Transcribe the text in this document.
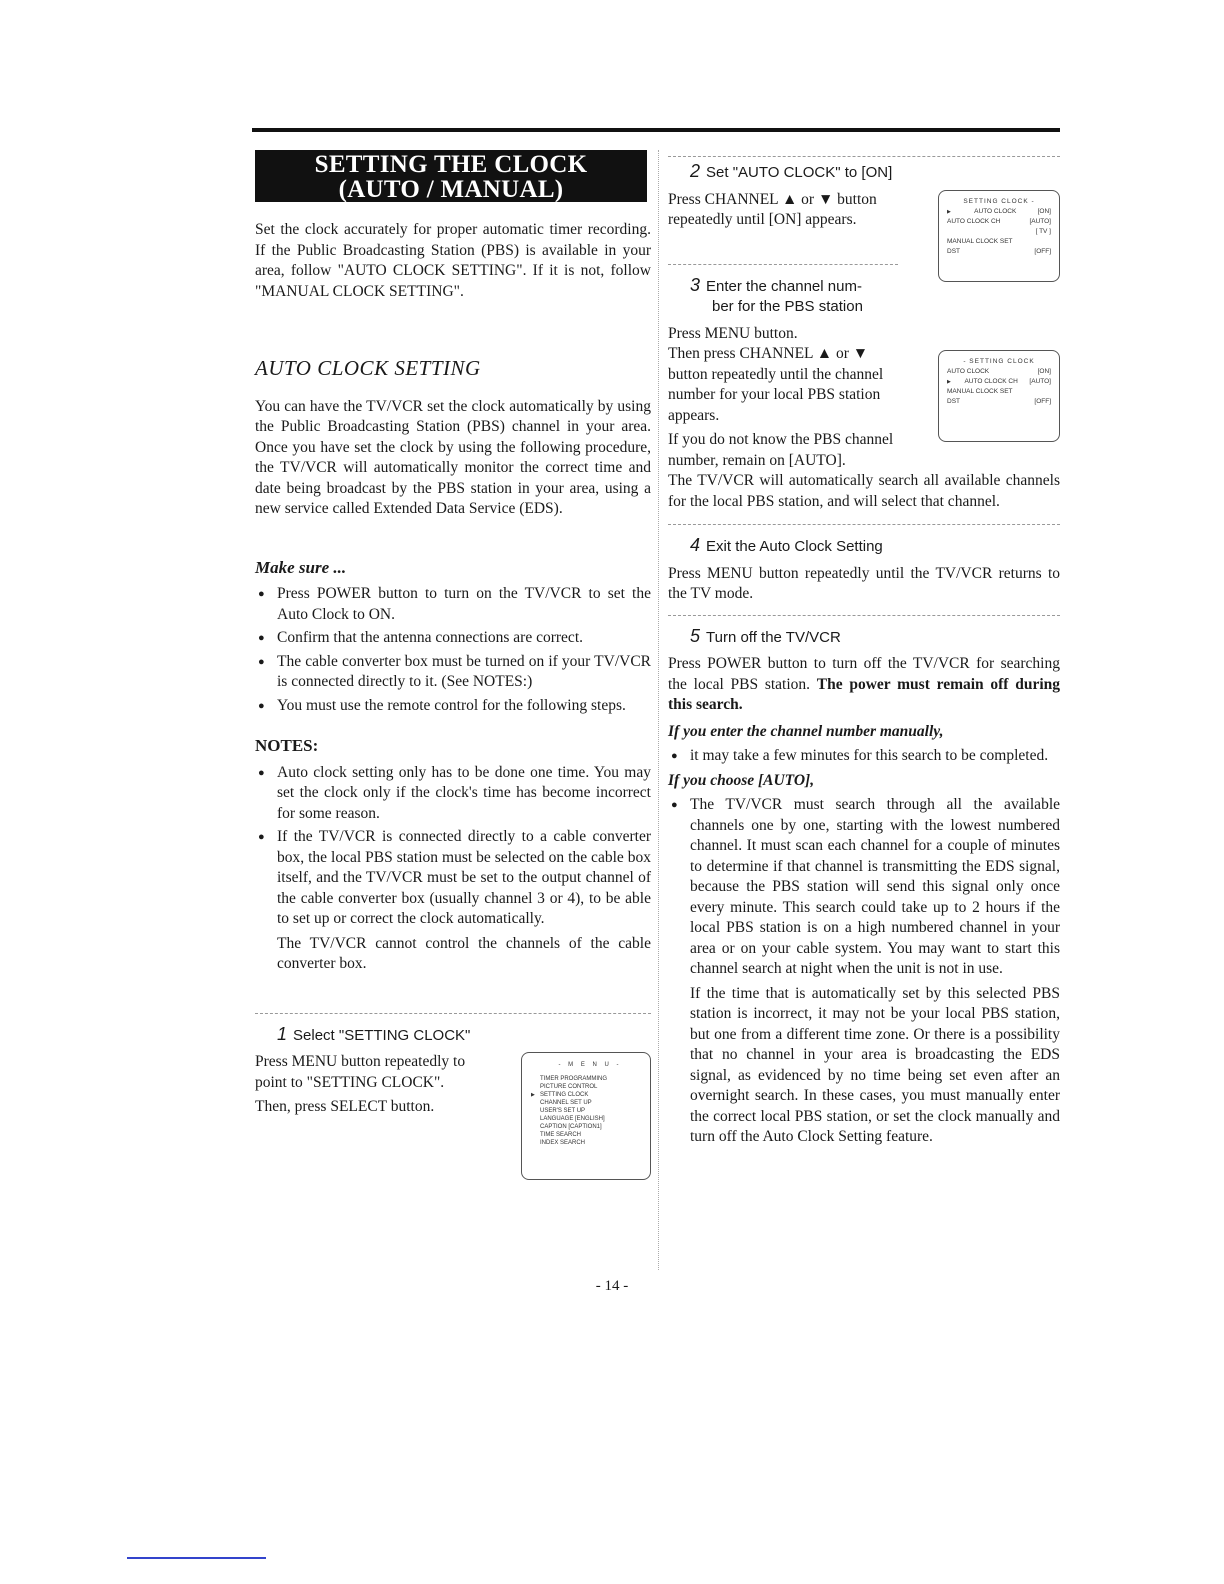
SETTING THE CLOCK
(AUTO / MANUAL)

Set the clock accurately for proper automatic timer recording. If the Public Broadcasting Station (PBS) is available in your area, follow "AUTO CLOCK SETTING". If it is not, follow "MANUAL CLOCK SETTING".

AUTO CLOCK SETTING

You can have the TV/VCR set the clock automatically by using the Public Broadcasting Station (PBS) channel in your area. Once you have set the clock by using the following procedure, the TV/VCR will automatically monitor the correct time and date being broadcast by the PBS station in your area, using a new service called Extended Data Service (EDS).

Make sure ...
● Press POWER button to turn on the TV/VCR to set the Auto Clock to ON.
● Confirm that the antenna connections are correct.
● The cable converter box must be turned on if your TV/VCR is connected directly to it. (See NOTES:)
● You must use the remote control for the following steps.
NOTES:
● Auto clock setting only has to be done one time. You may set the clock only if the clock's time has become incorrect for some reason.
● If the TV/VCR is connected directly to a cable converter box, the local PBS station must be selected on the cable box itself, and the TV/VCR must be set to the output channel of the cable converter box (usually channel 3 or 4), to be able to set up or correct the clock automatically.

The TV/VCR cannot control the channels of the cable converter box.

1 Select "SETTING CLOCK"

Press MENU button repeatedly to point to "SETTING CLOCK".

Then, press SELECT button.

- M E N U -
TIMER PROGRAMMING
PICTURE CONTROL
▶ SETTING CLOCK
CHANNEL SET UP
USER'S SET UP
LANGUAGE [ENGLISH]
CAPTION [CAPTION1]
TIME SEARCH
INDEX SEARCH
2 Set "AUTO CLOCK" to [ON]

Press CHANNEL ▲ or ▼ button repeatedly until [ON] appears.

SETTING CLOCK -
▶ AUTO CLOCK	[ON]
AUTO CLOCK CH	[AUTO]
[ TV ]
MANUAL CLOCK SET
DST	[OFF]
3 Enter the channel num-
ber for the PBS station

Press MENU button.

Then press CHANNEL ▲ or ▼ button repeatedly until the channel number for your local PBS station appears.

If you do not know the PBS channel number, remain on [AUTO].

- SETTING CLOCK
AUTO CLOCK	[ON]
▶ AUTO CLOCK CH [AUTO]
MANUAL CLOCK SET
DST	[OFF]

The TV/VCR will automatically search all available channels for the local PBS station, and will select that channel.

4 Exit the Auto Clock Setting

Press MENU button repeatedly until the TV/VCR returns to the TV mode.

5 Turn off the TV/VCR

Press POWER button to turn off the TV/VCR for searching the local PBS station. The power must remain off during this search.

If you enter the channel number manually,
● it may take a few minutes for this search to be completed.
If you choose [AUTO],
● The TV/VCR must search through all the available channels one by one, starting with the lowest numbered channel. It must scan each channel for a couple of minutes to determine if that channel is transmitting the EDS signal, because the PBS station will send this signal only once every minute. This search could take up to 2 hours if the local PBS station is on a high numbered channel in your area or on your cable system. You may want to start this channel search at night when the unit is not in use.

If the time that is automatically set by this selected PBS station is incorrect, it may not be your local PBS station, but one from a different time zone. Or there is a possibility that no channel in your area is broadcasting the EDS signal, as evidenced by no time being set even after an overnight search. In these cases, you must manually enter the correct local PBS station, or set the clock manually and turn off the Auto Clock Setting feature.

- 14 -
